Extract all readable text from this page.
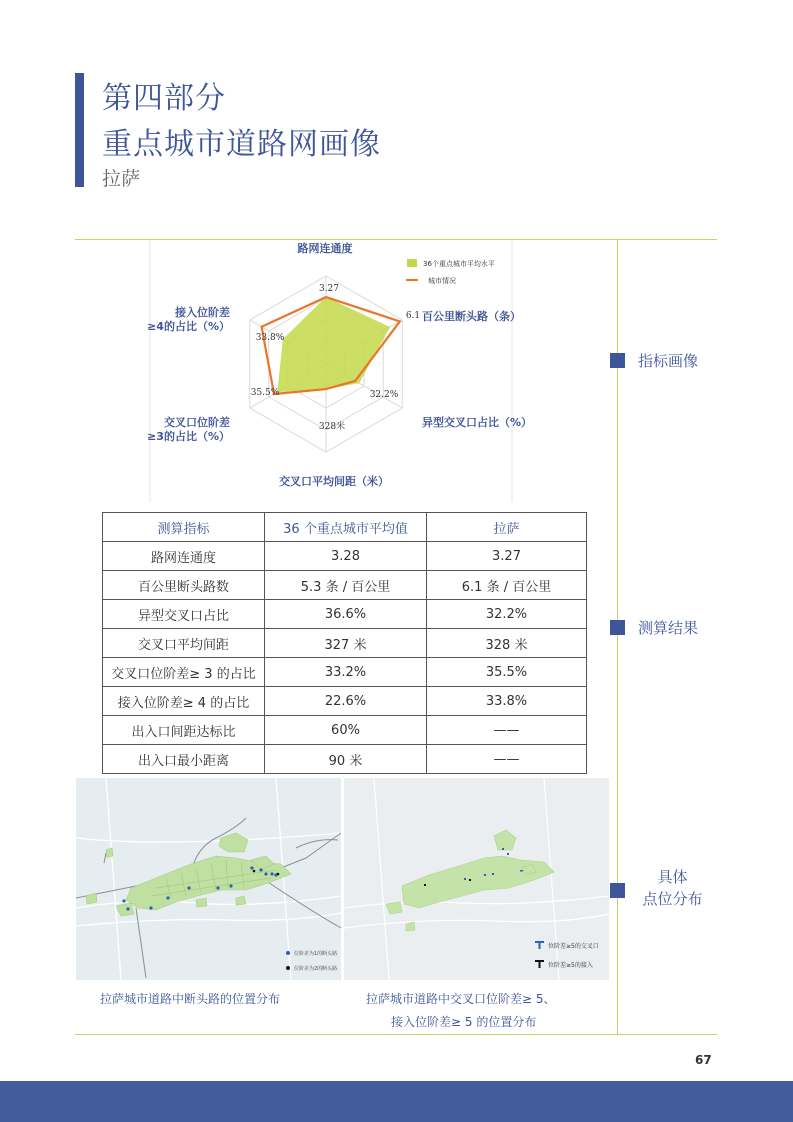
第四部分
重点城市道路网画像
拉萨
指标画像
测算结果
具体
点位分布
路网连通度
百公里断头路（条）
异型交叉口占比（%）
交叉口平均间距（米）
交叉口位阶差≥3的占比（%）
接入位阶差≥4的占比（%）
3.27
6.1
32.2%
328米
35.5%
33.8%
36个重点城市平均水平
城市情况
测算指标	36 个重点城市平均值	拉萨
路网连通度	3.28	3.27
百公里断头路数	5.3 条 / 百公里	6.1 条 / 百公里
异型交叉口占比	36.6%	32.2%
交叉口平均间距	327 米	328 米
交叉口位阶差≥ 3 的占比	33.2%	35.5%
接入位阶差≥ 4 的占比	22.6%	33.8%
出入口间距达标比	60%	——
出入口最小距离	90 米	——
位阶差为1的断头路
位阶差为2的断头路
位阶差≥5的交叉口
位阶差≥5的接入
拉萨城市道路中断头路的位置分布	拉萨城市道路中交叉口位阶差≥ 5、
接入位阶差≥ 5 的位置分布
67
